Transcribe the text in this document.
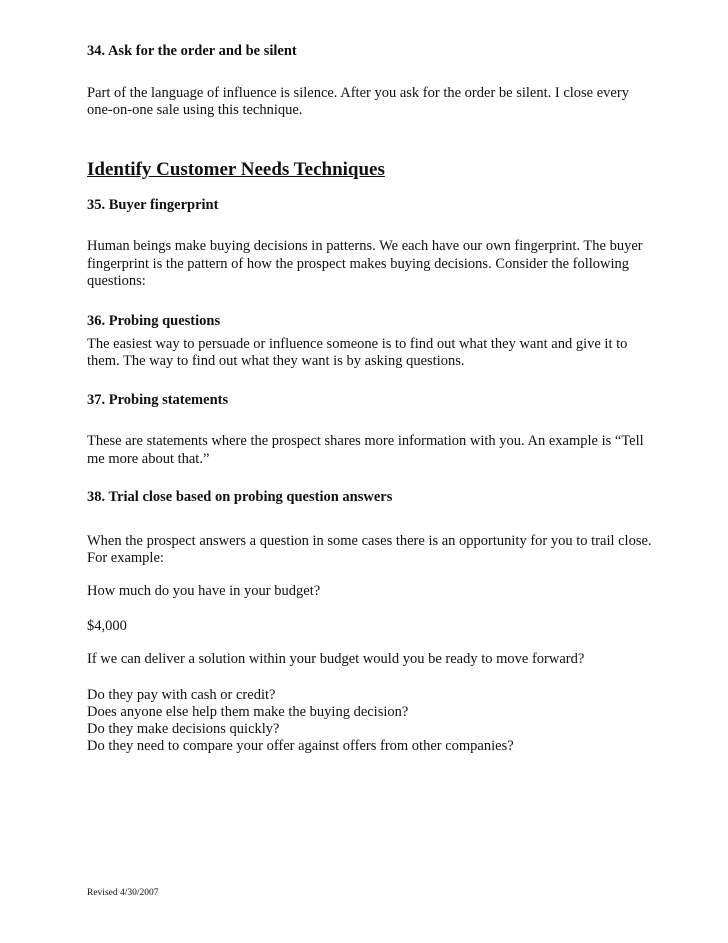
34. Ask for the order and be silent
Part of the language of influence is silence. After you ask for the order be silent. I close every
one-on-one sale using this technique.
Identify Customer Needs Techniques
35. Buyer fingerprint
Human beings make buying decisions in patterns. We each have our own fingerprint. The buyer
fingerprint is the pattern of how the prospect makes buying decisions. Consider the following
questions:
36. Probing questions
The easiest way to persuade or influence someone is to find out what they want and give it to
them. The way to find out what they want is by asking questions.
37. Probing statements
These are statements where the prospect shares more information with you. An example is “Tell
me more about that.”
38. Trial close based on probing question answers
When the prospect answers a question in some cases there is an opportunity for you to trail close.
For example:
How much do you have in your budget?
$4,000
If we can deliver a solution within your budget would you be ready to move forward?
Do they pay with cash or credit?
Does anyone else help them make the buying decision?
Do they make decisions quickly?
Do they need to compare your offer against offers from other companies?
Revised 4/30/2007
